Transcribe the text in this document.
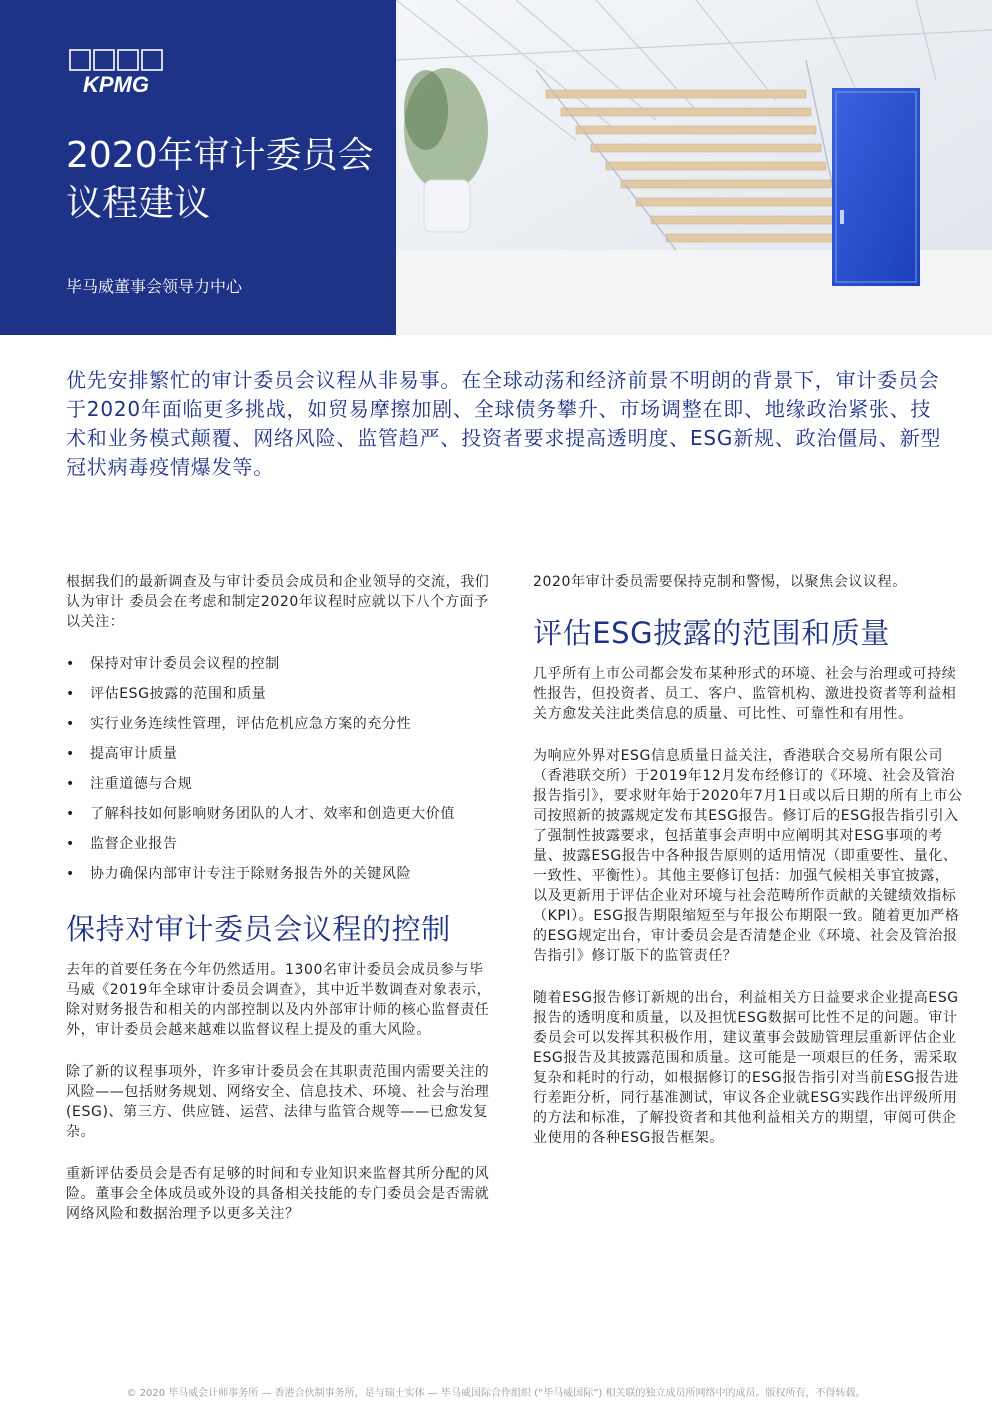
KPMG
2020年审计委员会议程建议

毕马威董事会领导力中心

优先安排繁忙的审计委员会议程从非易事。在全球动荡和经济前景不明朗的背景下，审计委员会于2020年面临更多挑战，如贸易摩擦加剧、全球债务攀升、市场调整在即、地缘政治紧张、技术和业务模式颠覆、网络风险、监管趋严、投资者要求提高透明度、ESG新规、政治僵局、新型冠状病毒疫情爆发等。

根据我们的最新调查及与审计委员会成员和企业领导的交流，我们认为审计 委员会在考虑和制定2020年议程时应就以下八个方面予以关注：

• 保持对审计委员会议程的控制
• 评估ESG披露的范围和质量
• 实行业务连续性管理，评估危机应急方案的充分性
• 提高审计质量
• 注重道德与合规
• 了解科技如何影响财务团队的人才、效率和创造更大价值
• 监督企业报告
• 协力确保内部审计专注于除财务报告外的关键风险
保持对审计委员会议程的控制

去年的首要任务在今年仍然适用。1300名审计委员会成员参与毕马威《2019年全球审计委员会调查》，其中近半数调查对象表示，除对财务报告和相关的内部控制以及内外部审计师的核心监督责任外，审计委员会越来越难以监督议程上提及的重大风险。

除了新的议程事项外，许多审计委员会在其职责范围内需要关注的风险——包括财务规划、网络安全、信息技术、环境、社会与治理(ESG)、第三方、供应链、运营、法律与监管合规等——已愈发复杂。

重新评估委员会是否有足够的时间和专业知识来监督其所分配的风险。董事会全体成员或外设的具备相关技能的专门委员会是否需就网络风险和数据治理予以更多关注？

2020年审计委员需要保持克制和警惕，以聚焦会议议程。

评估ESG披露的范围和质量

几乎所有上市公司都会发布某种形式的环境、社会与治理或可持续性报告，但投资者、员工、客户、监管机构、激进投资者等利益相关方愈发关注此类信息的质量、可比性、可靠性和有用性。

为响应外界对ESG信息质量日益关注，香港联合交易所有限公司（香港联交所）于2019年12月发布经修订的《环境、社会及管治报告指引》，要求财年始于2020年7月1日或以后日期的所有上市公司按照新的披露规定发布其ESG报告。修订后的ESG报告指引引入了强制性披露要求，包括董事会声明中应阐明其对ESG事项的考量、披露ESG报告中各种报告原则的适用情况（即重要性、量化、一致性、平衡性）。其他主要修订包括：加强气候相关事宜披露，以及更新用于评估企业对环境与社会范畴所作贡献的关键绩效指标（KPI）。ESG报告期限缩短至与年报公布期限一致。随着更加严格的ESG规定出台，审计委员会是否清楚企业《环境、社会及管治报告指引》修订版下的监管责任？

随着ESG报告修订新规的出台，利益相关方日益要求企业提高ESG报告的透明度和质量，以及担忧ESG数据可比性不足的问题。审计委员会可以发挥其积极作用，建议董事会鼓励管理层重新评估企业ESG报告及其披露范围和质量。这可能是一项艰巨的任务，需采取复杂和耗时的行动，如根据修订的ESG报告指引对当前ESG报告进行差距分析，同行基准测试，审议各企业就ESG实践作出评级所用的方法和标准，了解投资者和其他利益相关方的期望，审阅可供企业使用的各种ESG报告框架。

© 2020 毕马威会计师事务所 — 香港合伙制事务所，是与瑞士实体 — 毕马威国际合作组织 (“毕马威国际”) 相关联的独立成员所网络中的成员。版权所有，不得转载。
